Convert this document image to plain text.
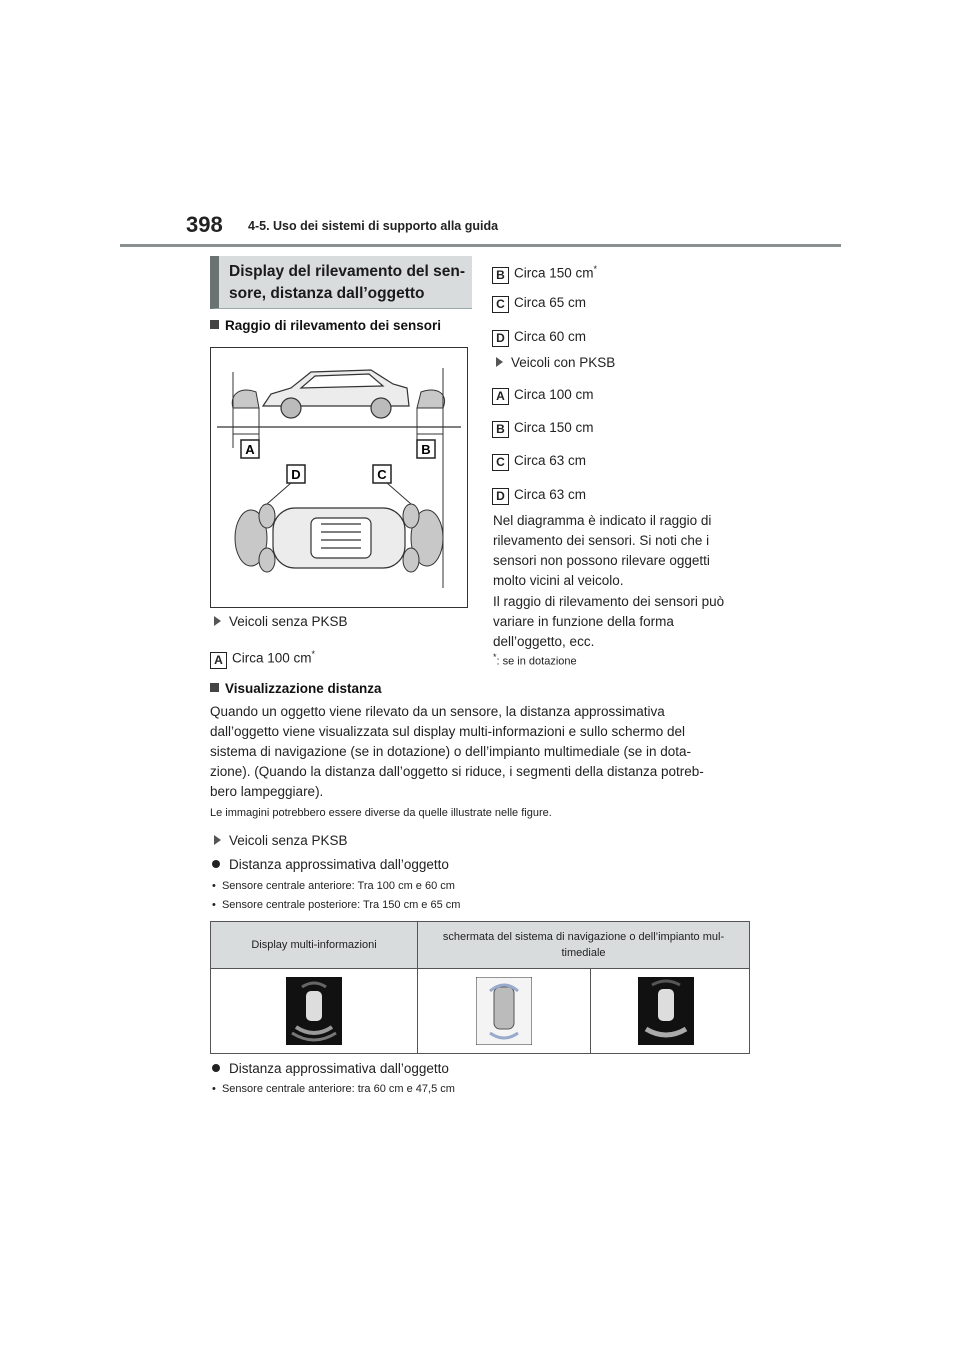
398 4-5. Uso dei sistemi di supporto alla guida
Display del rilevamento del sen-
sore, distanza dall’oggetto
Raggio di rilevamento dei sensori
A	B
D	C
Veicoli senza PKSB
A Circa 100 cm*
B Circa 150 cm*
C Circa 65 cm
D Circa 60 cm
Veicoli con PKSB
A Circa 100 cm
B Circa 150 cm
C Circa 63 cm
D Circa 63 cm
Nel diagramma è indicato il raggio di
rilevamento dei sensori. Si noti che i
sensori non possono rilevare oggetti
molto vicini al veicolo.
Il raggio di rilevamento dei sensori può
variare in funzione della forma
dell’oggetto, ecc.
*: se in dotazione
Visualizzazione distanza
Quando un oggetto viene rilevato da un sensore, la distanza approssimativa
dall’oggetto viene visualizzata sul display multi-informazioni e sullo schermo del
sistema di navigazione (se in dotazione) o dell’impianto multimediale (se in dota-
zione). (Quando la distanza dall’oggetto si riduce, i segmenti della distanza potreb-
bero lampeggiare).
Le immagini potrebbero essere diverse da quelle illustrate nelle figure.
Veicoli senza PKSB
Distanza approssimativa dall’oggetto
•  Sensore centrale anteriore: Tra 100 cm e 60 cm
•  Sensore centrale posteriore: Tra 150 cm e 65 cm
Display multi-informazioni	schermata del sistema di navigazione o dell’impianto mul-
timediale	

Distanza approssimativa dall’oggetto
•  Sensore centrale anteriore: tra 60 cm e 47,5 cm
